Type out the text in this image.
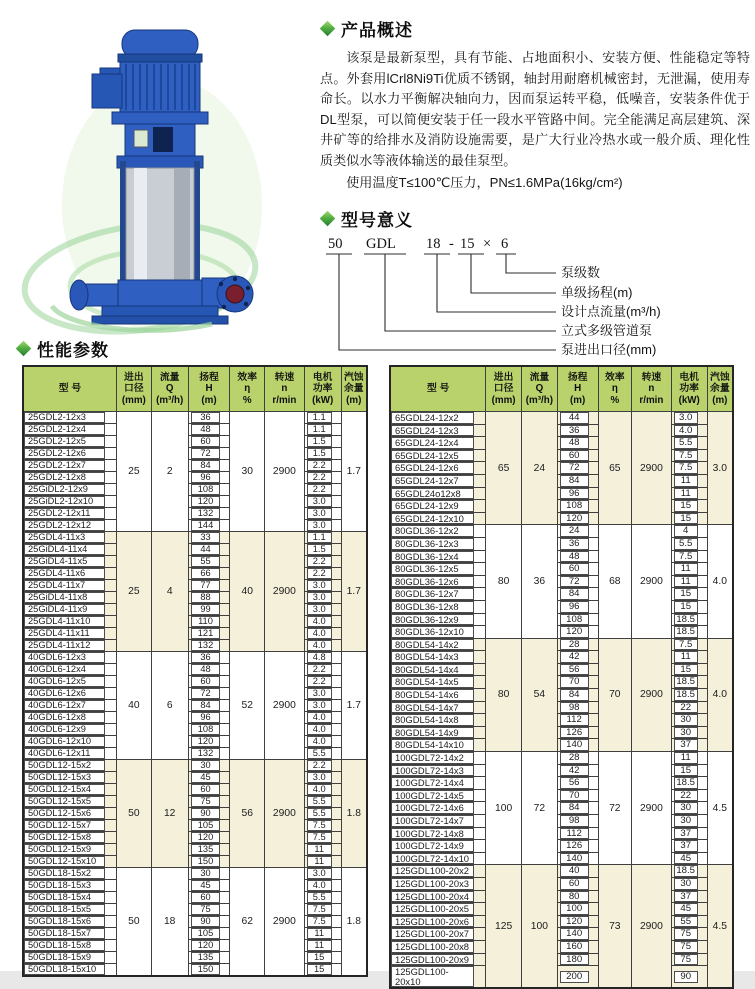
产品概述

该泵是最新泵型，具有节能、占地面积小、安装方便、性能稳定等特点。外套用lCrl8Ni9Ti优质不锈钢，轴封用耐磨机械密封，无泄漏，使用寿命长。以水力平衡解决轴向力，因而泵运转平稳，低噪音，安装条件优于DL型泵，可以简便安装于任一段水平管路中间。完全能满足高层建筑、深井矿等的给排水及消防设施需要，是广大行业冷热水或一般介质、理化性质类似水等液体输送的最佳泵型。

使用温度T≤100℃压力，PN≤1.6MPa(16kg/cm²)

型号意义
50 GDL 18 - 15 × 6
泵级数
单级扬程(m)
设计点流量(m³/h)
立式多级管道泵
泵进出口径(mm)
性能参数
型 号	进出
口径
(mm)	流量
Q
(m³/h)	扬程
H
(m)	效率
η
%	转速
n
r/min	电机
功率
(kW)	汽蚀
余量
(m)

25GDL2-12x3	25	2	36	30	2900	1.1	1.7

25GDL2-12x4			48			1.1	

25GDL2-12x5			60			1.5	

25GDL2-12x6			72			1.5	

25GDL2-12x7			84			2.2	

25GDL2-12x8			96			2.2	

25GiDL2-12x9			108			2.2	

25GiDL2-12x10			120			3.0	

25GDL2-12x11			132			3.0	

25GDL2-12x12			144			3.0	

25GDL4-11x3	25	4	33	40	2900	1.1	1.7

25GiDL4-11x4			44			1.5	

25GiDL4-11x5			55			2.2	

25GDL4-11x6			66			2.2	

25GDL4-11x7			77			3.0	

25GiDL4-11x8			88			3.0	

25GiDL4-11x9			99			3.0	

25GDL4-11x10			110			4.0	

25GDL4-11x11			121			4.0	

25GDL4-11x12			132			4.0	

40GDL6-12x3	40	6	36	52	2900	4.8	1.7

40GDL6-12x4			48			2.2	

40GDL6-12x5			60			2.2	

40GDL6-12x6			72			3.0	

40GDL6-12x7			84			3.0	

40GDL6-12x8			96			4.0	

40GDL6-12x9			108			4.0	

40GDL6-12x10			120			4.0	

40GDL6-12x11			132			5.5	

50GDL12-15x2	50	12	30	56	2900	2.2	1.8

50GDL12-15x3			45			3.0	

50GDL12-15x4			60			4.0	

50GDL12-15x5			75			5.5	

50GDL12-15x6			90			5.5	

50GDL12-15x7			105			7.5	

50GDL12-15x8			120			7.5	

50GDL12-15x9			135			11	

50GDL12-15x10			150			11	

50GDL18-15x2	50	18	30	62	2900	3.0	1.8

50GDL18-15x3			45			4.0	

50GDL18-15x4			60			5.5	

50GDL18-15x5			75			7.5	

50GDL18-15x6			90			7.5	

50GDL18-15x7			105			11	

50GDL18-15x8			120			11	

50GDL18-15x9			135			15	

50GDL18-15x10			150			15	
型 号	进出
口径
(mm)	流量
Q
(m³/h)	扬程
H
(m)	效率
η
%	转速
n
r/min	电机
功率
(kW)	汽蚀
余量
(m)

65GDL24-12x2	65	24	44	65	2900	3.0	3.0

65GDL24-12x3			36			4.0	

65GDL24-12x4			48			5.5	

65GDL24-12x5			60			7.5	

65GDL24-12x6			72			7.5	

65GDL24-12x7			84			11	

65GDL24o12x8			96			11	

65GDL24-12x9			108			15	

65GDL24-12x10			120			15	

80GDL36-12x2	80	36	24	68	2900	4	4.0

80GDL36-12x3			36			5.5	

80GDL36-12x4			48			7.5	

80GDL36-12x5			60			11	

80GDL36-12x6			72			11	

80GDL36-12x7			84			15	

80GDL36-12x8			96			15	

80GDL36-12x9			108			18.5	

80GDL36-12x10			120			18.5	

80GDL54-14x2	80	54	28	70	2900	7.5	4.0

80GDL54-14x3			42			11	

80GDL54-14x4			56			15	

80GDL54-14x5			70			18.5	

80GDL54-14x6			84			18.5	

80GDL54-14x7			98			22	

80GDL54-14x8			112			30	

80GDL54-14x9			126			30	

80GDL54-14x10			140			37	

100GDL72-14x2	100	72	28	72	2900	11	4.5

100GDL72-14x3			42			15	

100GDL72-14x4			56			18.5	

100GDL72-14x5			70			22	

100GDL72-14x6			84			30	

100GDL72-14x7			98			30	

100GDL72-14x8			112			37	

100GDL72-14x9			126			37	

100GDL72-14x10			140			45	

125GDL100-20x2	125	100	40	73	2900	18.5	4.5

125GDL100-20x3			60			30	

125GDL100-20x4			80			37	

125GDL100-20x5			100			45	

125GDL100-20x6			120			55	

125GDL100-20x7			140			75	

125GDL100-20x8			160			75	

125GDL100-20x9			180			75	

125GDL100-20x10			200			90	
